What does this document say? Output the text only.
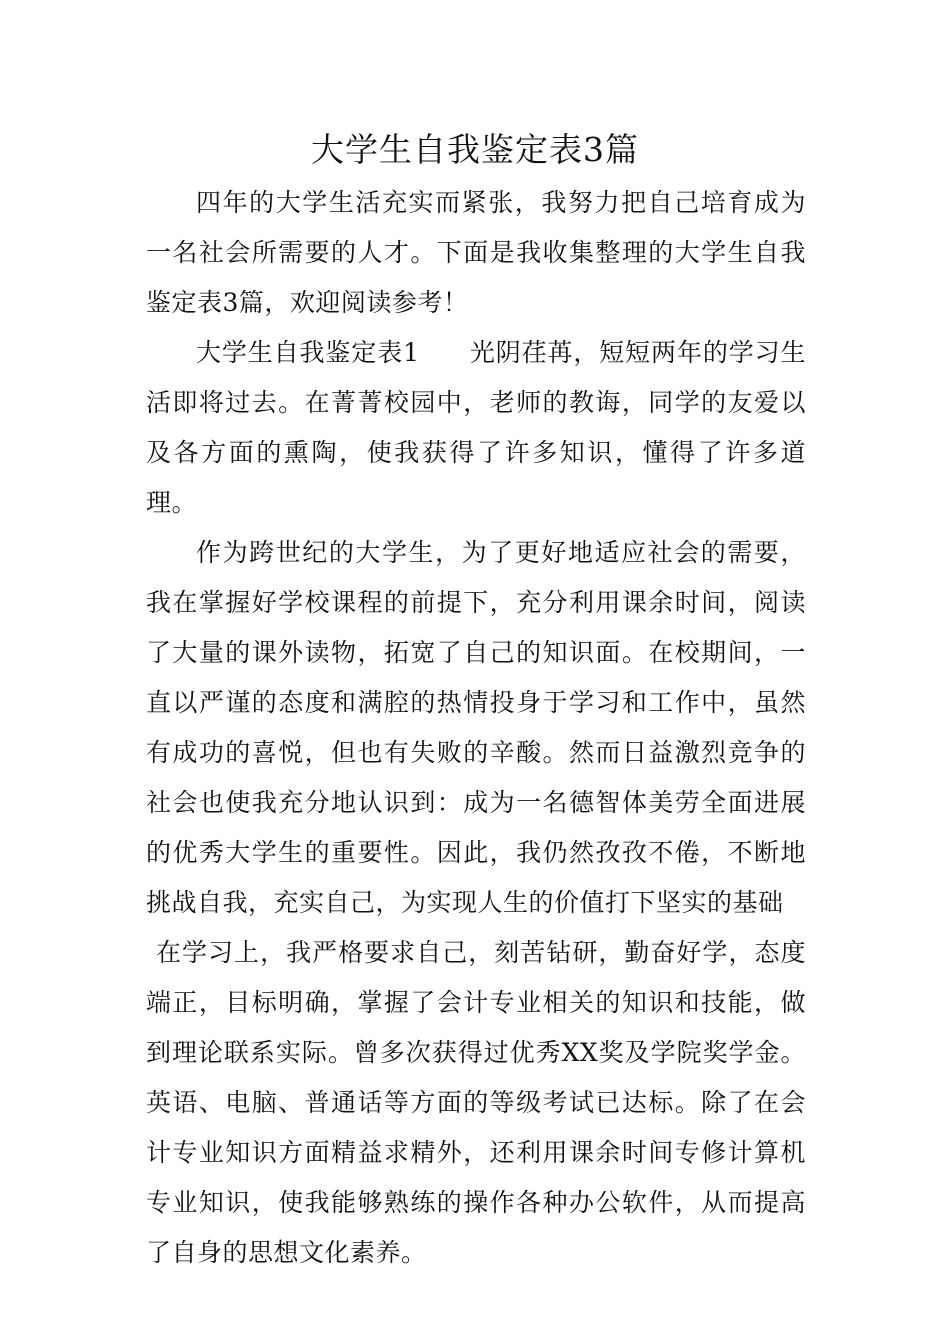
大学生自我鉴定表3篇

四年的大学生活充实而紧张，我努力把自己培育成为一名社会所需要的人才。下面是我收集整理的大学生自我鉴定表3篇，欢迎阅读参考！

大学生自我鉴定表1 光阴荏苒，短短两年的学习生活即将过去。在菁菁校园中，老师的教诲，同学的友爱以及各方面的熏陶，使我获得了许多知识，懂得了许多道理。

作为跨世纪的大学生，为了更好地适应社会的需要，我在掌握好学校课程的前提下，充分利用课余时间，阅读了大量的课外读物，拓宽了自己的知识面。在校期间，一直以严谨的态度和满腔的热情投身于学习和工作中，虽然有成功的喜悦，但也有失败的辛酸。然而日益激烈竞争的社会也使我充分地认识到：成为一名德智体美劳全面进展的优秀大学生的重要性。因此，我仍然孜孜不倦，不断地挑战自我，充实自己，为实现人生的价值打下坚实的基础

在学习上，我严格要求自己，刻苦钻研，勤奋好学，态度端正，目标明确，掌握了会计专业相关的知识和技能，做到理论联系实际。曾多次获得过优秀XX奖及学院奖学金。英语、电脑、普通话等方面的等级考试已达标。除了在会计专业知识方面精益求精外，还利用课余时间专修计算机专业知识，使我能够熟练的操作各种办公软件，从而提高了自身的思想文化素养。
